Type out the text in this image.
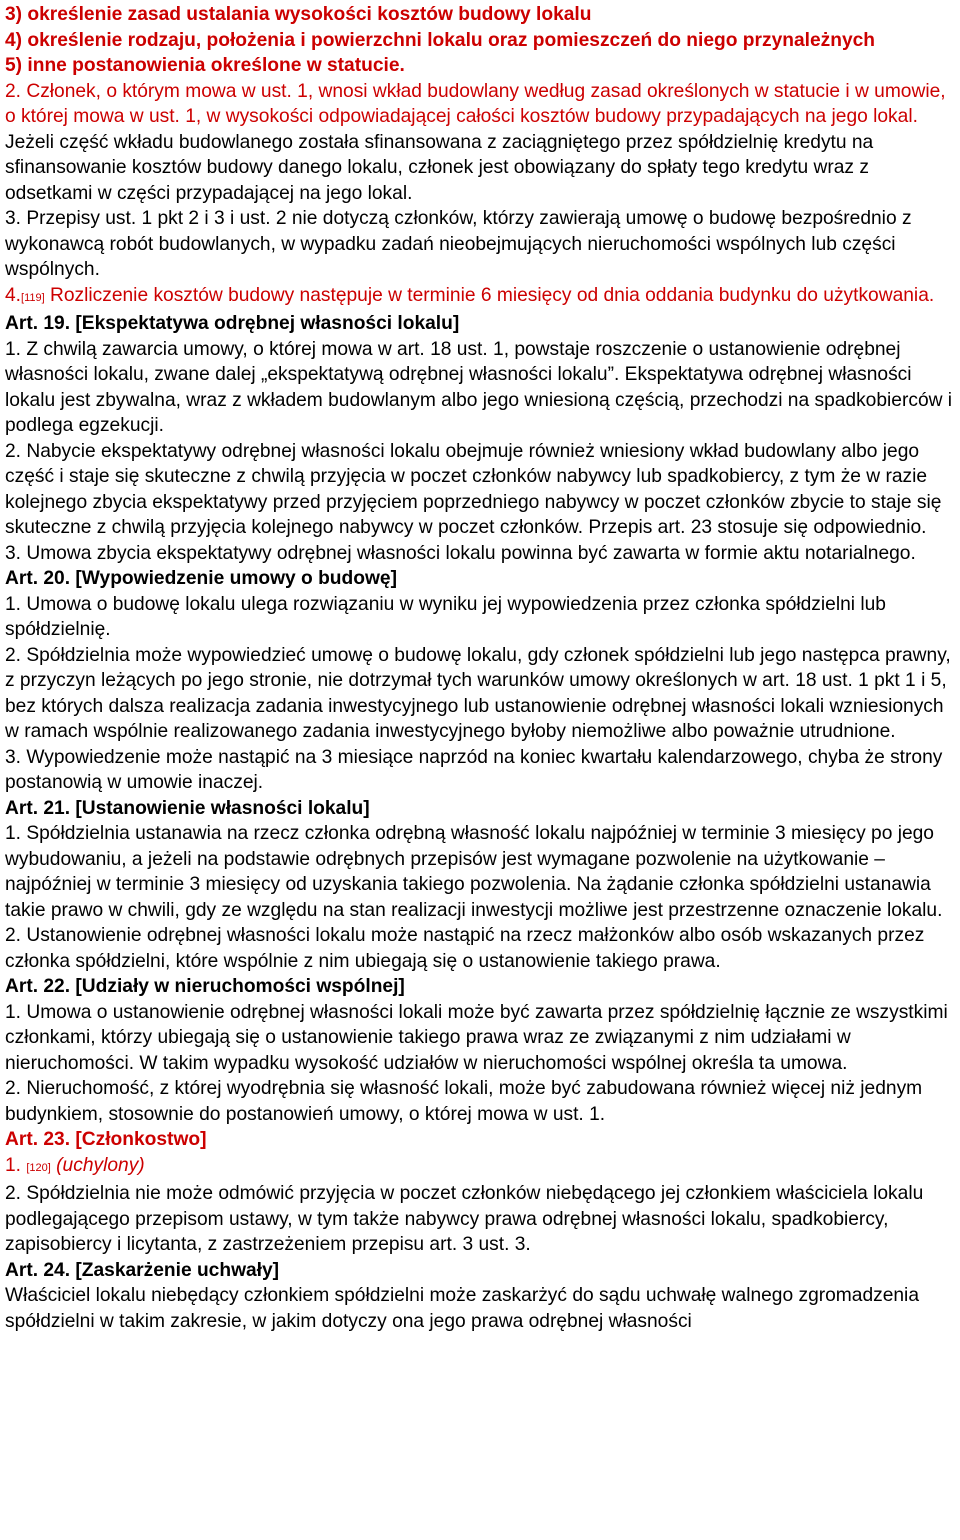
3) określenie zasad ustalania wysokości kosztów budowy lokalu

4) określenie rodzaju, położenia i powierzchni lokalu oraz pomieszczeń do niego przynależnych

5) inne postanowienia określone w statucie.

2. Członek, o którym mowa w ust. 1, wnosi wkład budowlany według zasad określonych w statucie i w umowie, o której mowa w ust. 1, w wysokości odpowiadającej całości kosztów budowy przypadających na jego lokal. Jeżeli część wkładu budowlanego została sfinansowana z zaciągniętego przez spółdzielnię kredytu na sfinansowanie kosztów budowy danego lokalu, członek jest obowiązany do spłaty tego kredytu wraz z odsetkami w części przypadającej na jego lokal.

3. Przepisy ust. 1 pkt 2 i 3 i ust. 2 nie dotyczą członków, którzy zawierają umowę o budowę bezpośrednio z wykonawcą robót budowlanych, w wypadku zadań nieobejmujących nieruchomości wspólnych lub części wspólnych.

4.[119] Rozliczenie kosztów budowy następuje w terminie 6 miesięcy od dnia oddania budynku do użytkowania.

Art. 19. [Ekspektatywa odrębnej własności lokalu]

1. Z chwilą zawarcia umowy, o której mowa w art. 18 ust. 1, powstaje roszczenie o ustanowienie odrębnej własności lokalu, zwane dalej „ekspektatywą odrębnej własności lokalu”. Ekspektatywa odrębnej własności lokalu jest zbywalna, wraz z wkładem budowlanym albo jego wniesioną częścią, przechodzi na spadkobierców i podlega egzekucji.

2. Nabycie ekspektatywy odrębnej własności lokalu obejmuje również wniesiony wkład budowlany albo jego część i staje się skuteczne z chwilą przyjęcia w poczet członków nabywcy lub spadkobiercy, z tym że w razie kolejnego zbycia ekspektatywy przed przyjęciem poprzedniego nabywcy w poczet członków zbycie to staje się skuteczne z chwilą przyjęcia kolejnego nabywcy w poczet członków. Przepis art. 23 stosuje się odpowiednio.

3. Umowa zbycia ekspektatywy odrębnej własności lokalu powinna być zawarta w formie aktu notarialnego.

Art. 20. [Wypowiedzenie umowy o budowę]

1. Umowa o budowę lokalu ulega rozwiązaniu w wyniku jej wypowiedzenia przez członka spółdzielni lub spółdzielnię.

2. Spółdzielnia może wypowiedzieć umowę o budowę lokalu, gdy członek spółdzielni lub jego następca prawny, z przyczyn leżących po jego stronie, nie dotrzymał tych warunków umowy określonych w art. 18 ust. 1 pkt 1 i 5, bez których dalsza realizacja zadania inwestycyjnego lub ustanowienie odrębnej własności lokali wzniesionych w ramach wspólnie realizowanego zadania inwestycyjnego byłoby niemożliwe albo poważnie utrudnione.

3. Wypowiedzenie może nastąpić na 3 miesiące naprzód na koniec kwartału kalendarzowego, chyba że strony postanowią w umowie inaczej.

Art. 21. [Ustanowienie własności lokalu]

1. Spółdzielnia ustanawia na rzecz członka odrębną własność lokalu najpóźniej w terminie 3 miesięcy po jego wybudowaniu, a jeżeli na podstawie odrębnych przepisów jest wymagane pozwolenie na użytkowanie – najpóźniej w terminie 3 miesięcy od uzyskania takiego pozwolenia. Na żądanie członka spółdzielni ustanawia takie prawo w chwili, gdy ze względu na stan realizacji inwestycji możliwe jest przestrzenne oznaczenie lokalu.

2. Ustanowienie odrębnej własności lokalu może nastąpić na rzecz małżonków albo osób wskazanych przez członka spółdzielni, które wspólnie z nim ubiegają się o ustanowienie takiego prawa.

Art. 22. [Udziały w nieruchomości wspólnej]

1. Umowa o ustanowienie odrębnej własności lokali może być zawarta przez spółdzielnię łącznie ze wszystkimi członkami, którzy ubiegają się o ustanowienie takiego prawa wraz ze związanymi z nim udziałami w nieruchomości. W takim wypadku wysokość udziałów w nieruchomości wspólnej określa ta umowa.

2. Nieruchomość, z której wyodrębnia się własność lokali, może być zabudowana również więcej niż jednym budynkiem, stosownie do postanowień umowy, o której mowa w ust. 1.

Art. 23. [Członkostwo]

1. [120] (uchylony)

2. Spółdzielnia nie może odmówić przyjęcia w poczet członków niebędącego jej członkiem właściciela lokalu podlegającego przepisom ustawy, w tym także nabywcy prawa odrębnej własności lokalu, spadkobiercy, zapisobiercy i licytanta, z zastrzeżeniem przepisu art. 3 ust. 3.

Art. 24. [Zaskarżenie uchwały]

Właściciel lokalu niebędący członkiem spółdzielni może zaskarżyć do sądu uchwałę walnego zgromadzenia spółdzielni w takim zakresie, w jakim dotyczy ona jego prawa odrębnej własności
